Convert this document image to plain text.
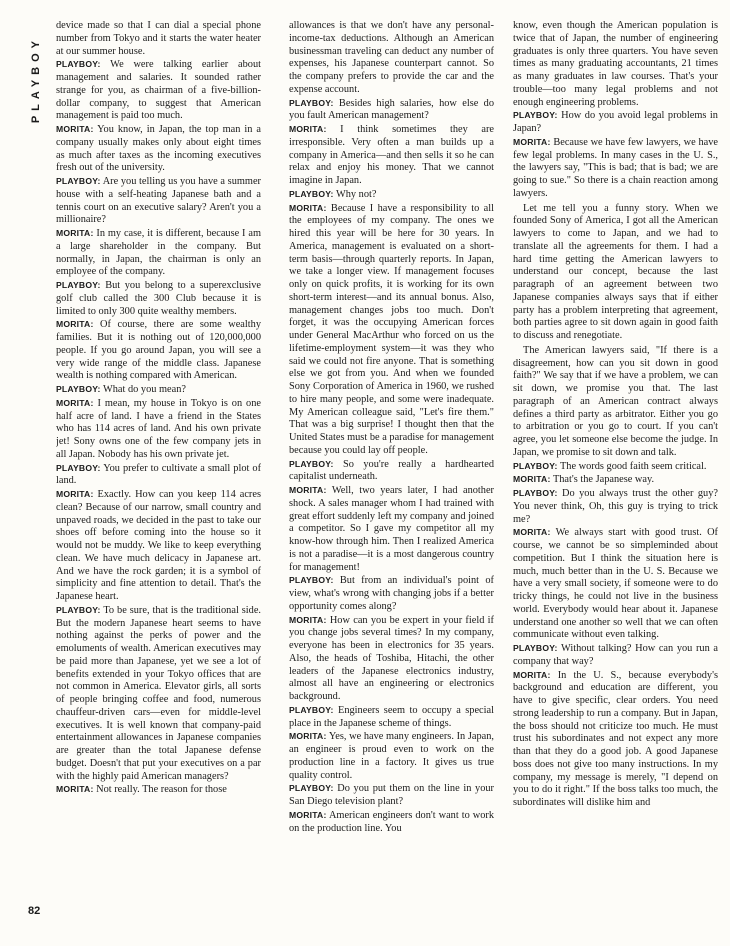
PLAYBOY

device made so that I can dial a special phone number from Tokyo and it starts the water heater at our summer house.

PLAYBOY: We were talking earlier about management and salaries. It sounded rather strange for you, as chairman of a five-billion-dollar company, to suggest that American management is paid too much.

MORITA: You know, in Japan, the top man in a company usually makes only about eight times as much after taxes as the incoming executives fresh out of the university.

PLAYBOY: Are you telling us you have a summer house with a self-heating Japanese bath and a tennis court on an executive salary? Aren't you a millionaire?

MORITA: In my case, it is different, because I am a large shareholder in the company. But normally, in Japan, the chairman is only an employee of the company.

PLAYBOY: But you belong to a superexclusive golf club called the 300 Club because it is limited to only 300 quite wealthy members.

MORITA: Of course, there are some wealthy families. But it is nothing out of 120,000,000 people. If you go around Japan, you will see a very wide range of the middle class. Japanese wealth is nothing compared with American.

PLAYBOY: What do you mean?

MORITA: I mean, my house in Tokyo is on one half acre of land. I have a friend in the States who has 114 acres of land. And his own private jet! Sony owns one of the few company jets in all Japan. Nobody has his own private jet.

PLAYBOY: You prefer to cultivate a small plot of land.

MORITA: Exactly. How can you keep 114 acres clean? Because of our narrow, small country and unpaved roads, we decided in the past to take our shoes off before coming into the house so it would not be muddy. We like to keep everything clean. We have much delicacy in Japanese art. And we have the rock garden; it is a symbol of simplicity and fine attention to detail. That's the Japanese heart.

PLAYBOY: To be sure, that is the traditional side. But the modern Japanese heart seems to have nothing against the perks of power and the emoluments of wealth. American executives may be paid more than Japanese, yet we see a lot of benefits extended in your Tokyo offices that are not common in America. Elevator girls, all sorts of people bringing coffee and food, numerous chauffeur-driven cars—even for middle-level executives. It is well known that company-paid entertainment allowances in Japanese companies are greater than the total Japanese defense budget. Doesn't that put your executives on a par with the highly paid American managers?

MORITA: Not really. The reason for those

allowances is that we don't have any personal-income-tax deductions. Although an American businessman traveling can deduct any number of expenses, his Japanese counterpart cannot. So the company prefers to provide the car and the expense account.

PLAYBOY: Besides high salaries, how else do you fault American management?

MORITA: I think sometimes they are irresponsible. Very often a man builds up a company in America—and then sells it so he can relax and enjoy his money. That we cannot imagine in Japan.

PLAYBOY: Why not?

MORITA: Because I have a responsibility to all the employees of my company. The ones we hired this year will be here for 30 years. In America, management is evaluated on a short-term basis—through quarterly reports. In Japan, we take a longer view. If management focuses only on quick profits, it is working for its own short-term interest—and its annual bonus. Also, management changes jobs too much. Don't forget, it was the occupying American forces under General MacArthur who forced on us the lifetime-employment system—it was they who said we could not fire anyone. That is something else we got from you. And when we founded Sony Corporation of America in 1960, we rushed to hire many people, and some were inadequate. My American colleague said, "Let's fire them." That was a big surprise! I thought then that the United States must be a paradise for management because you could lay off people.

PLAYBOY: So you're really a hardhearted capitalist underneath.

MORITA: Well, two years later, I had another shock. A sales manager whom I had trained with great effort suddenly left my company and joined a competitor. So I gave my competitor all my know-how through him. Then I realized America is not a paradise—it is a most dangerous country for management!

PLAYBOY: But from an individual's point of view, what's wrong with changing jobs if a better opportunity comes along?

MORITA: How can you be expert in your field if you change jobs several times? In my company, everyone has been in electronics for 35 years. Also, the heads of Toshiba, Hitachi, the other leaders of the Japanese electronics industry, almost all have an engineering or electronics background.

PLAYBOY: Engineers seem to occupy a special place in the Japanese scheme of things.

MORITA: Yes, we have many engineers. In Japan, an engineer is proud even to work on the production line in a factory. It gives us true quality control.

PLAYBOY: Do you put them on the line in your San Diego television plant?

MORITA: American engineers don't want to work on the production line. You

know, even though the American population is twice that of Japan, the number of engineering graduates is only three quarters. You have seven times as many graduating accountants, 21 times as many graduates in law courses. That's your trouble—too many legal problems and not enough engineering problems.

PLAYBOY: How do you avoid legal problems in Japan?

MORITA: Because we have few lawyers, we have few legal problems. In many cases in the U. S., the lawyers say, "This is bad; that is bad; we are going to sue." So there is a chain reaction among lawyers.

Let me tell you a funny story. When we founded Sony of America, I got all the American lawyers to come to Japan, and we had to translate all the agreements for them. I had a hard time getting the American lawyers to understand our concept, because the last paragraph of an agreement between two Japanese companies always says that if either party has a problem interpreting that agreement, both parties agree to sit down again in good faith to discuss and renegotiate.

The American lawyers said, "If there is a disagreement, how can you sit down in good faith?" We say that if we have a problem, we can sit down, we promise you that. The last paragraph of an American contract always defines a third party as arbitrator. Either you go to arbitration or you go to court. If you can't agree, you let someone else become the judge. In Japan, we promise to sit down and talk.

PLAYBOY: The words good faith seem critical.

MORITA: That's the Japanese way.

PLAYBOY: Do you always trust the other guy? You never think, Oh, this guy is trying to trick me?

MORITA: We always start with good trust. Of course, we cannot be so simpleminded about competition. But I think the situation here is much, much better than in the U. S. Because we have a very small society, if someone were to do tricky things, he could not live in the business world. Everybody would hear about it. Japanese understand one another so well that we can often communicate without even talking.

PLAYBOY: Without talking? How can you run a company that way?

MORITA: In the U. S., because everybody's background and education are different, you have to give specific, clear orders. You need strong leadership to run a company. But in Japan, the boss should not criticize too much. He must trust his subordinates and not expect any more than that they do a good job. A good Japanese boss does not give too many instructions. In my company, my message is merely, "I depend on you to do it right." If the boss talks too much, the subordinates will dislike him and

82
